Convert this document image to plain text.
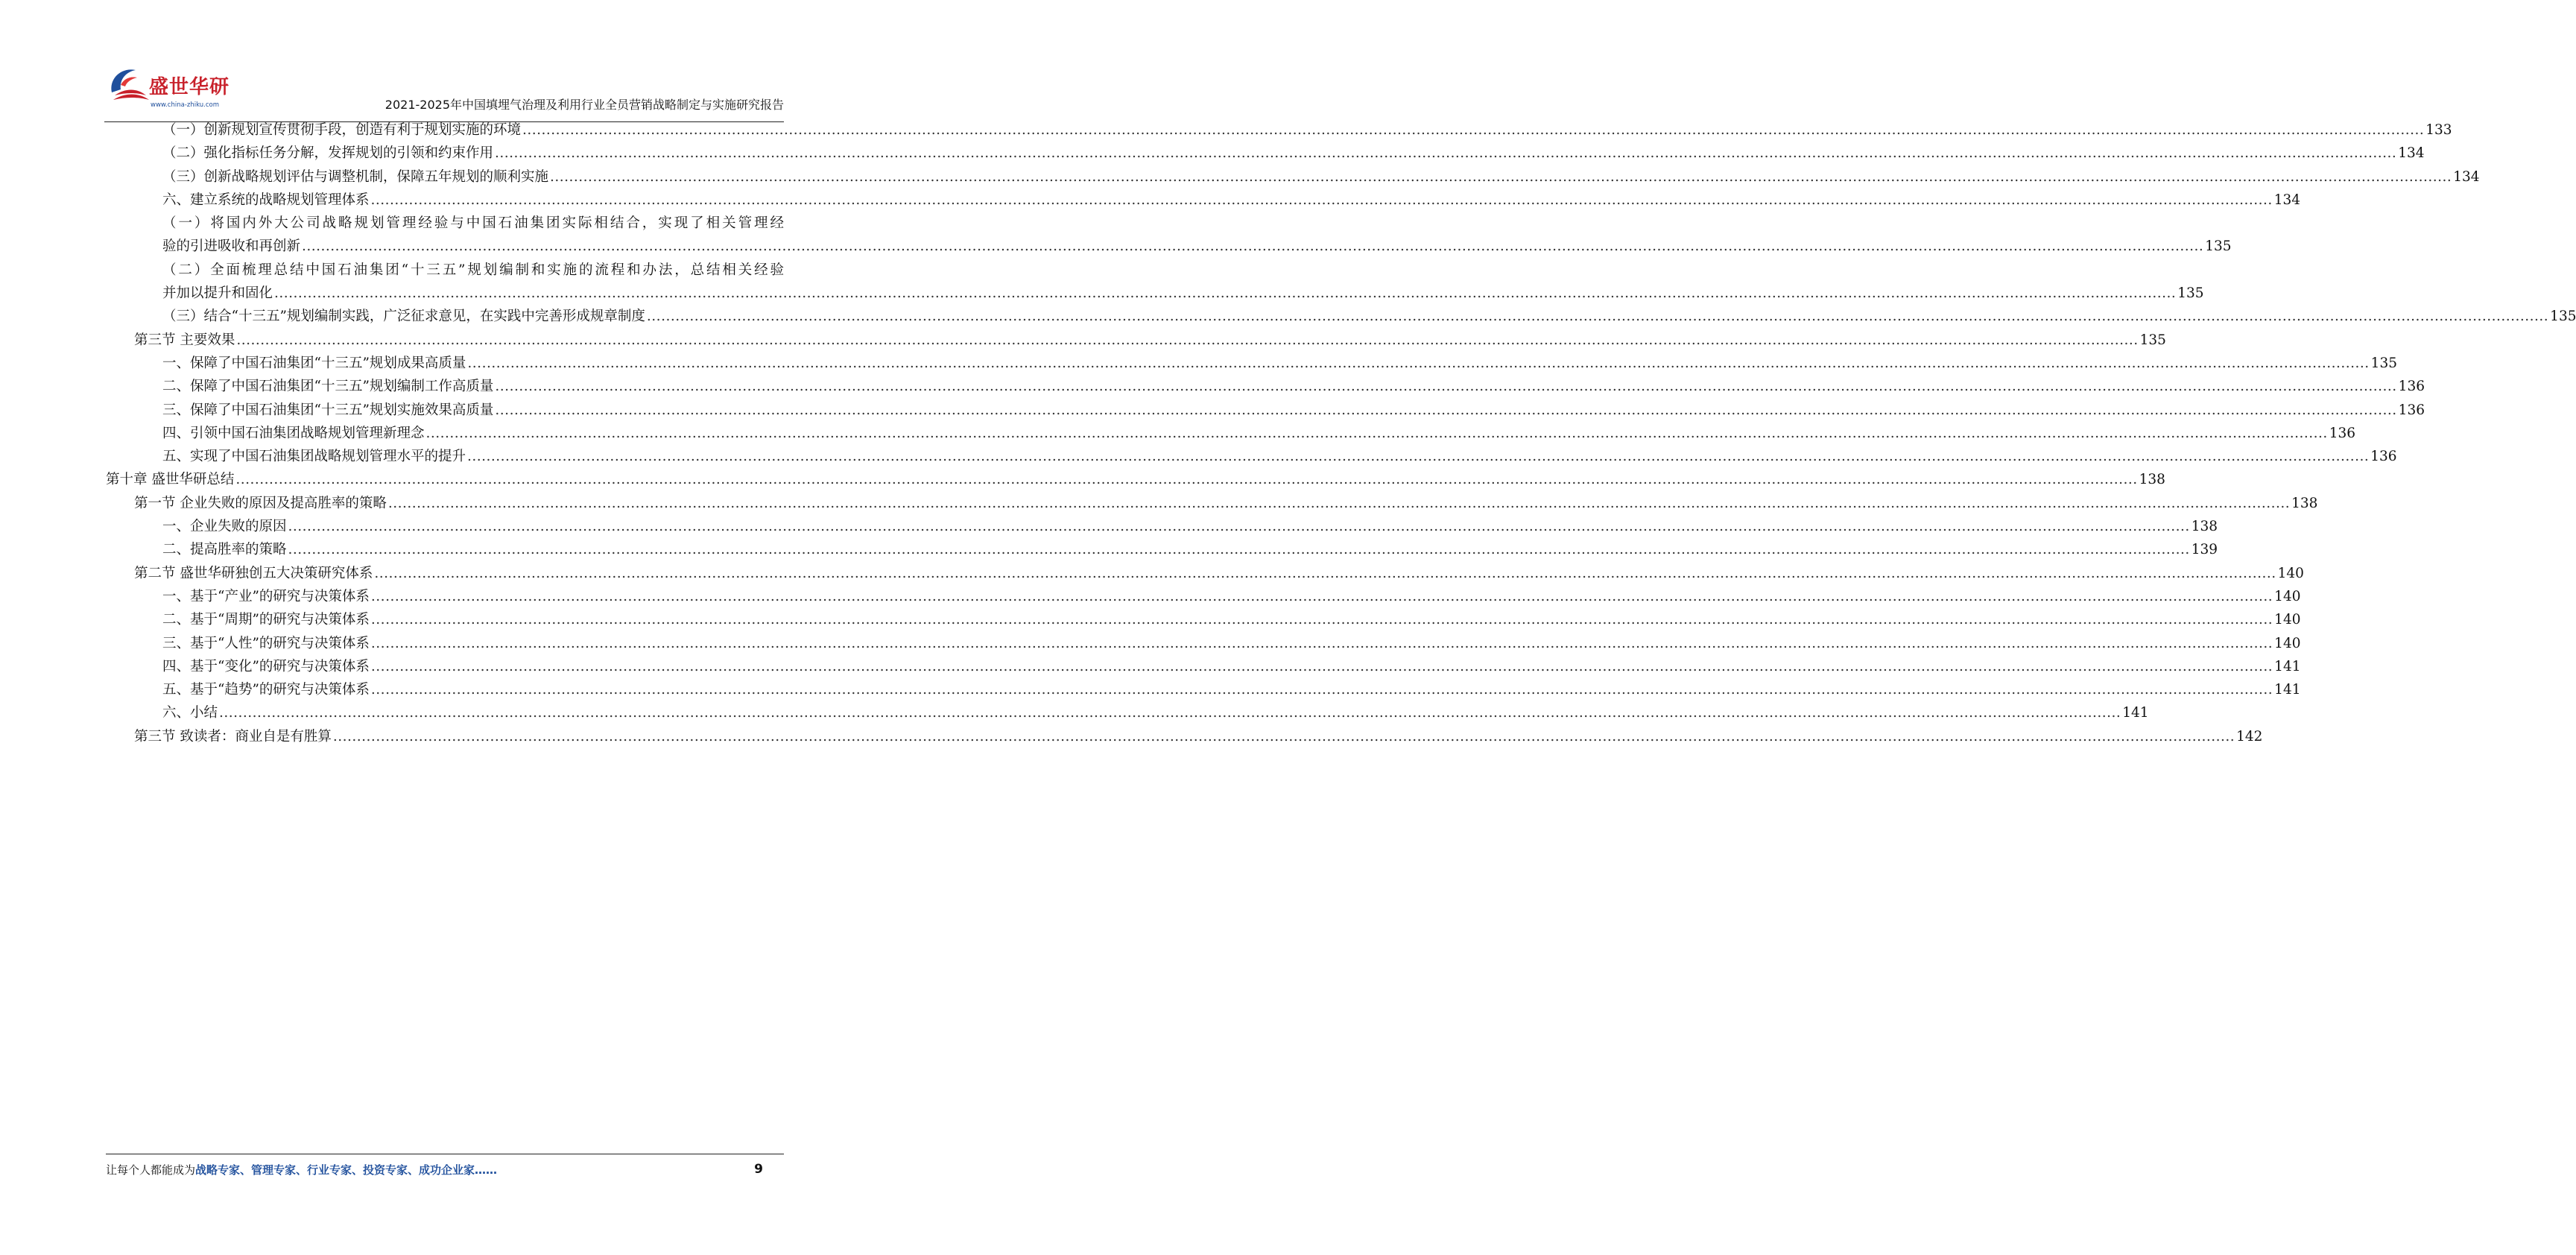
盛世华研
www.china-zhiku.com	2021-2025年中国填埋气治理及利用行业全员营销战略制定与实施研究报告
（一）创新规划宣传贯彻手段，创造有利于规划实施的环境 ................................................................................................................................................................................................................................................................................................................................................................................................................ 133
（二）强化指标任务分解，发挥规划的引领和约束作用 ................................................................................................................................................................................................................................................................................................................................................................................................................ 134
（三）创新战略规划评估与调整机制，保障五年规划的顺利实施 ................................................................................................................................................................................................................................................................................................................................................................................................................ 134
六、建立系统的战略规划管理体系 ................................................................................................................................................................................................................................................................................................................................................................................................................ 134
（一）将国内外大公司战略规划管理经验与中国石油集团实际相结合，实现了相关管理经
验的引进吸收和再创新 ................................................................................................................................................................................................................................................................................................................................................................................................................ 135
（二）全面梳理总结中国石油集团“十三五”规划编制和实施的流程和办法，总结相关经验
并加以提升和固化 ................................................................................................................................................................................................................................................................................................................................................................................................................ 135
（三）结合“十三五”规划编制实践，广泛征求意见，在实践中完善形成规章制度 ................................................................................................................................................................................................................................................................................................................................................................................................................ 135
第三节 主要效果 ................................................................................................................................................................................................................................................................................................................................................................................................................ 135
一、保障了中国石油集团“十三五”规划成果高质量 ................................................................................................................................................................................................................................................................................................................................................................................................................ 135
二、保障了中国石油集团“十三五”规划编制工作高质量 ................................................................................................................................................................................................................................................................................................................................................................................................................ 136
三、保障了中国石油集团“十三五”规划实施效果高质量 ................................................................................................................................................................................................................................................................................................................................................................................................................ 136
四、引领中国石油集团战略规划管理新理念 ................................................................................................................................................................................................................................................................................................................................................................................................................ 136
五、实现了中国石油集团战略规划管理水平的提升 ................................................................................................................................................................................................................................................................................................................................................................................................................ 136
第十章 盛世华研总结 ................................................................................................................................................................................................................................................................................................................................................................................................................ 138
第一节 企业失败的原因及提高胜率的策略 ................................................................................................................................................................................................................................................................................................................................................................................................................ 138
一、企业失败的原因 ................................................................................................................................................................................................................................................................................................................................................................................................................ 138
二、提高胜率的策略 ................................................................................................................................................................................................................................................................................................................................................................................................................ 139
第二节 盛世华研独创五大决策研究体系 ................................................................................................................................................................................................................................................................................................................................................................................................................ 140
一、基于“产业”的研究与决策体系 ................................................................................................................................................................................................................................................................................................................................................................................................................ 140
二、基于“周期”的研究与决策体系 ................................................................................................................................................................................................................................................................................................................................................................................................................ 140
三、基于“人性”的研究与决策体系 ................................................................................................................................................................................................................................................................................................................................................................................................................ 140
四、基于“变化”的研究与决策体系 ................................................................................................................................................................................................................................................................................................................................................................................................................ 141
五、基于“趋势”的研究与决策体系 ................................................................................................................................................................................................................................................................................................................................................................................................................ 141
六、小结 ................................................................................................................................................................................................................................................................................................................................................................................................................ 141
第三节 致读者：商业自是有胜算 ................................................................................................................................................................................................................................................................................................................................................................................................................ 142
让每个人都能成为战略专家、管理专家、行业专家、投资专家、成功企业家……	9
